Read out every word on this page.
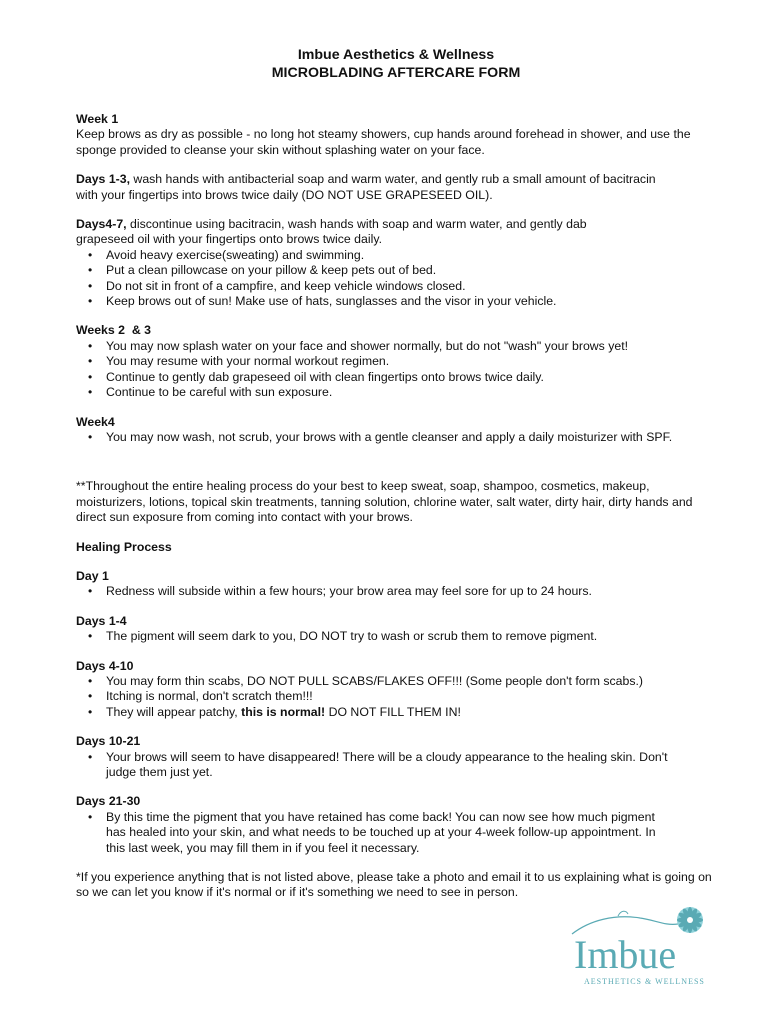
Imbue Aesthetics & Wellness
MICROBLADING AFTERCARE FORM

Week 1

Keep brows as dry as possible - no long hot steamy showers, cup hands around forehead in shower, and use the sponge provided to cleanse your skin without splashing water on your face.

Days 1-3, wash hands with antibacterial soap and warm water, and gently rub a small amount of bacitracin with your fingertips into brows twice daily (DO NOT USE GRAPESEED OIL).

Days4-7, discontinue using bacitracin, wash hands with soap and warm water, and gently dab grapeseed oil with your fingertips onto brows twice daily.

• Avoid heavy exercise(sweating) and swimming.
• Put a clean pillowcase on your pillow & keep pets out of bed.
• Do not sit in front of a campfire, and keep vehicle windows closed.
• Keep brows out of sun! Make use of hats, sunglasses and the visor in your vehicle.

Weeks 2  & 3

• You may now splash water on your face and shower normally, but do not "wash" your brows yet!
• You may resume with your normal workout regimen.
• Continue to gently dab grapeseed oil with clean fingertips onto brows twice daily.
• Continue to be careful with sun exposure.

Week4

• You may now wash, not scrub, your brows with a gentle cleanser and apply a daily moisturizer with SPF.

**Throughout the entire healing process do your best to keep sweat, soap, shampoo, cosmetics, makeup, moisturizers, lotions, topical skin treatments, tanning solution, chlorine water, salt water, dirty hair, dirty hands and direct sun exposure from coming into contact with your brows.

Healing Process

Day 1

• Redness will subside within a few hours; your brow area may feel sore for up to 24 hours.

Days 1-4

• The pigment will seem dark to you, DO NOT try to wash or scrub them to remove pigment.

Days 4-10

• You may form thin scabs, DO NOT PULL SCABS/FLAKES OFF!!! (Some people don't form scabs.)
• Itching is normal, don't scratch them!!!
• They will appear patchy, this is normal! DO NOT FILL THEM IN!

Days 10-21

• Your brows will seem to have disappeared! There will be a cloudy appearance to the healing skin. Don't judge them just yet.

Days 21-30

• By this time the pigment that you have retained has come back! You can now see how much pigment has healed into your skin, and what needs to be touched up at your 4-week follow-up appointment. In this last week, you may fill them in if you feel it necessary.

*If you experience anything that is not listed above, please take a photo and email it to us explaining what is going on so we can let you know if it's normal or if it's something we need to see in person.

Imbue
AESTHETICS & WELLNESS
